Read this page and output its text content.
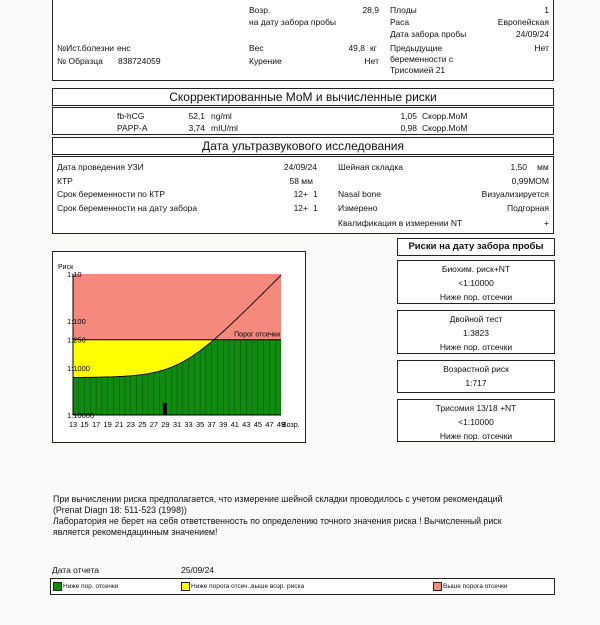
Возр.
на дату забора пробы
28,9
№Ист.болезни енс
№ Образца 838724059
Вес	49,8 кг
Курение	Нет
Плоды	1
Раса	Европейская
Дата забора пробы	24/09/24
Предыдущие
беременности с
Трисомией 21
Нет
Скорректированные МоМ и вычисленные риски
fb-hCG	52,1 ng/ml	1,05 Скорр.МоМ
PAPP-A	3,74 mIU/ml	0,98 Скорр.МоМ
Дата ультразвукового исследования
Дата проведения УЗИ	24/09/24
КТР	58 мм
Срок беременности по КТР	12+ 1
Срок беременности на дату забора	12+ 1
Шейная складка	1,50 мм
0,99MOM
Nasal bone	Визуализируется
Измерено	Подгорная
Квалификация в измерении NT	+
Риск
1:10
1:100
1:250
1:1000
1:10000
13 15 17 19 21 23 25 27 29 31 33 35 37 39 41 43 45 47 49
Возр.
Порог отсечки
Риски на дату забора пробы
Биохим. риск+NT
<1:10000
Ниже пор. отсечки
Двойной тест
1:3823
Ниже пор. отсечки
Возрастной риск
1:717
Трисомия 13/18 +NT
<1:10000
Ниже пор. отсечки
При вычислении риска предполагается, что измерение шейной складки проводилось с учетом рекомендаций
(Prenat Diagn 18: 511-523 (1998))
Лаборатория не берет на себя ответственность по определению точного значения риска ! Вычисленный риск
является рекомендацинным значением!
Дата отчета	25/09/24
Ниже пор. отсечки	Ниже порога отсеч.,выше возр. риска	Выше порога отсечки
